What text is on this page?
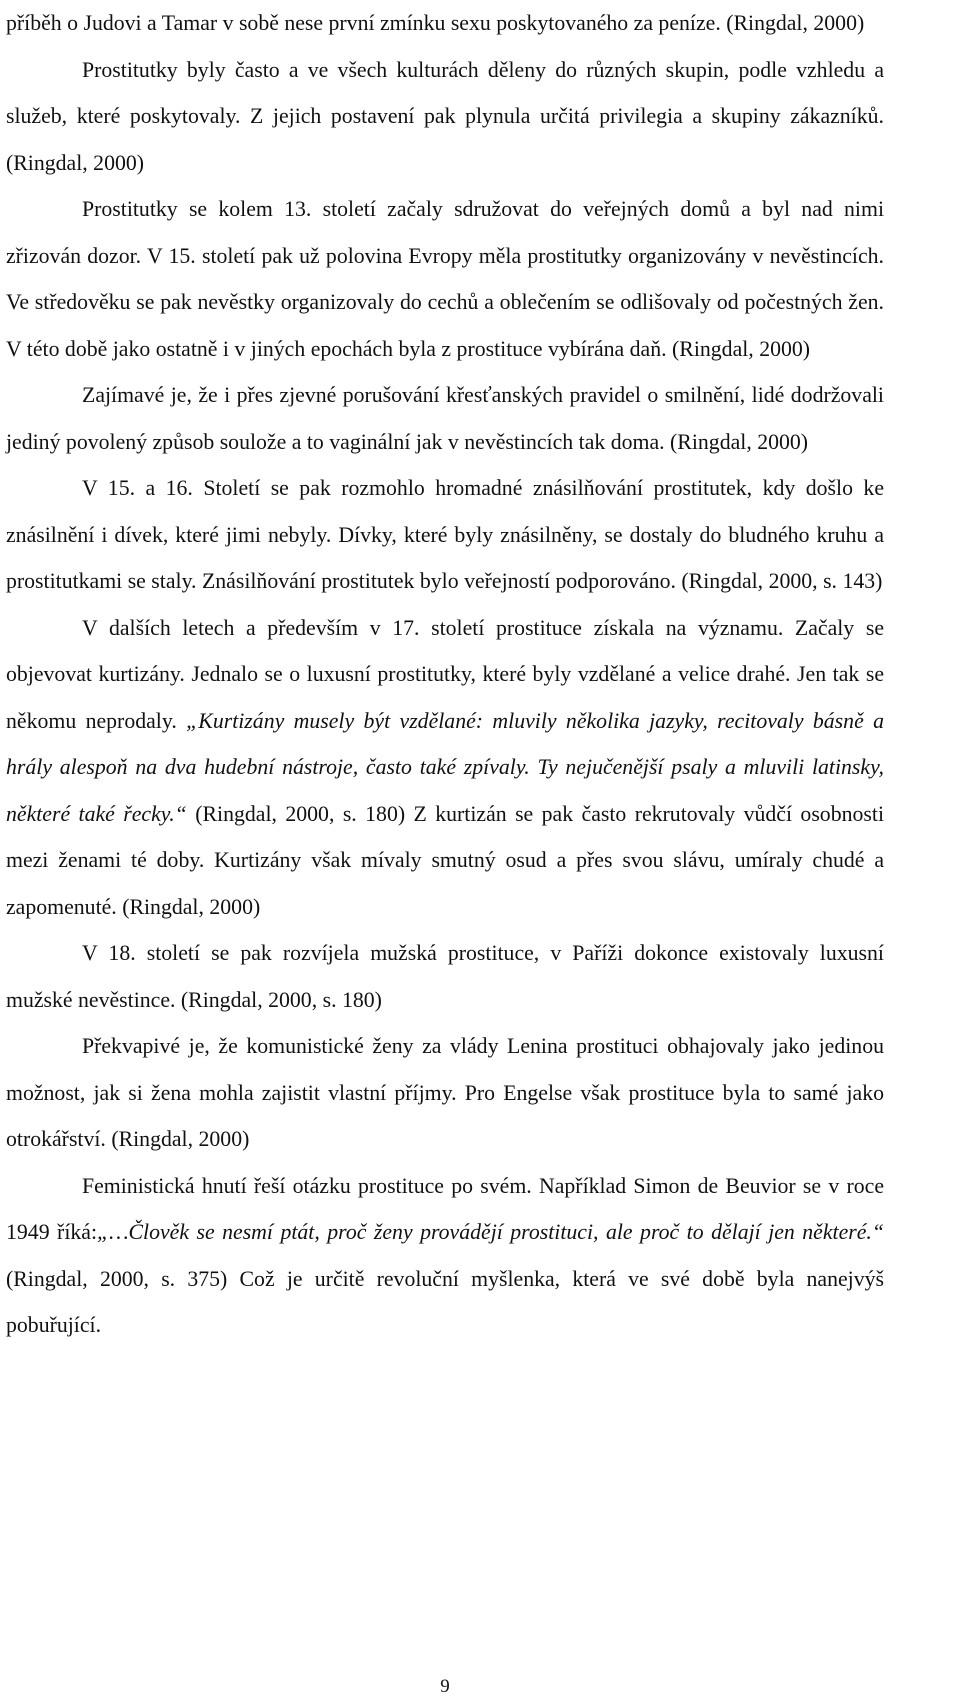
příběh o Judovi a Tamar v sobě nese první zmínku sexu poskytovaného za peníze. (Ringdal, 2000)

Prostitutky byly často a ve všech kulturách děleny do různých skupin, podle vzhledu a služeb, které poskytovaly. Z jejich postavení pak plynula určitá privilegia a skupiny zákazníků. (Ringdal, 2000)

Prostitutky se kolem 13. století začaly sdružovat do veřejných domů a byl nad nimi zřizován dozor. V 15. století pak už polovina Evropy měla prostitutky organizovány v nevěstincích. Ve středověku se pak nevěstky organizovaly do cechů a oblečením se odlišovaly od počestných žen. V této době jako ostatně i v jiných epochách byla z prostituce vybírána daň. (Ringdal, 2000)

Zajímavé je, že i přes zjevné porušování křesťanských pravidel o smilnění, lidé dodržovali jediný povolený způsob soulože a to vaginální jak v nevěstincích tak doma. (Ringdal, 2000)

V 15. a 16. Století se pak rozmohlo hromadné znásilňování prostitutek, kdy došlo ke znásilnění i dívek, které jimi nebyly. Dívky, které byly znásilněny, se dostaly do bludného kruhu a prostitutkami se staly. Znásilňování prostitutek bylo veřejností podporováno. (Ringdal, 2000, s. 143)

V dalších letech a především v 17. století prostituce získala na významu. Začaly se objevovat kurtizány. Jednalo se o luxusní prostitutky, které byly vzdělané a velice drahé. Jen tak se někomu neprodaly. „Kurtizány musely být vzdělané: mluvily několika jazyky, recitovaly básně a hrály alespoň na dva hudební nástroje, často také zpívaly. Ty nejučenější psaly a mluvili latinsky, některé také řecky.“ (Ringdal, 2000, s. 180) Z kurtizán se pak často rekrutovaly vůdčí osobnosti mezi ženami té doby. Kurtizány však mívaly smutný osud a přes svou slávu, umíraly chudé a zapomenuté. (Ringdal, 2000)

V 18. století se pak rozvíjela mužská prostituce, v Paříži dokonce existovaly luxusní mužské nevěstince. (Ringdal, 2000, s. 180)

Překvapivé je, že komunistické ženy za vlády Lenina prostituci obhajovaly jako jedinou možnost, jak si žena mohla zajistit vlastní příjmy. Pro Engelse však prostituce byla to samé jako otrokářství. (Ringdal, 2000)

Feministická hnutí řeší otázku prostituce po svém. Například Simon de Beuvior se v roce 1949 říká:„…Člověk se nesmí ptát, proč ženy provádějí prostituci, ale proč to dělají jen některé.“ (Ringdal, 2000, s. 375) Což je určitě revoluční myšlenka, která ve své době byla nanejvýš pobuřující.

9
